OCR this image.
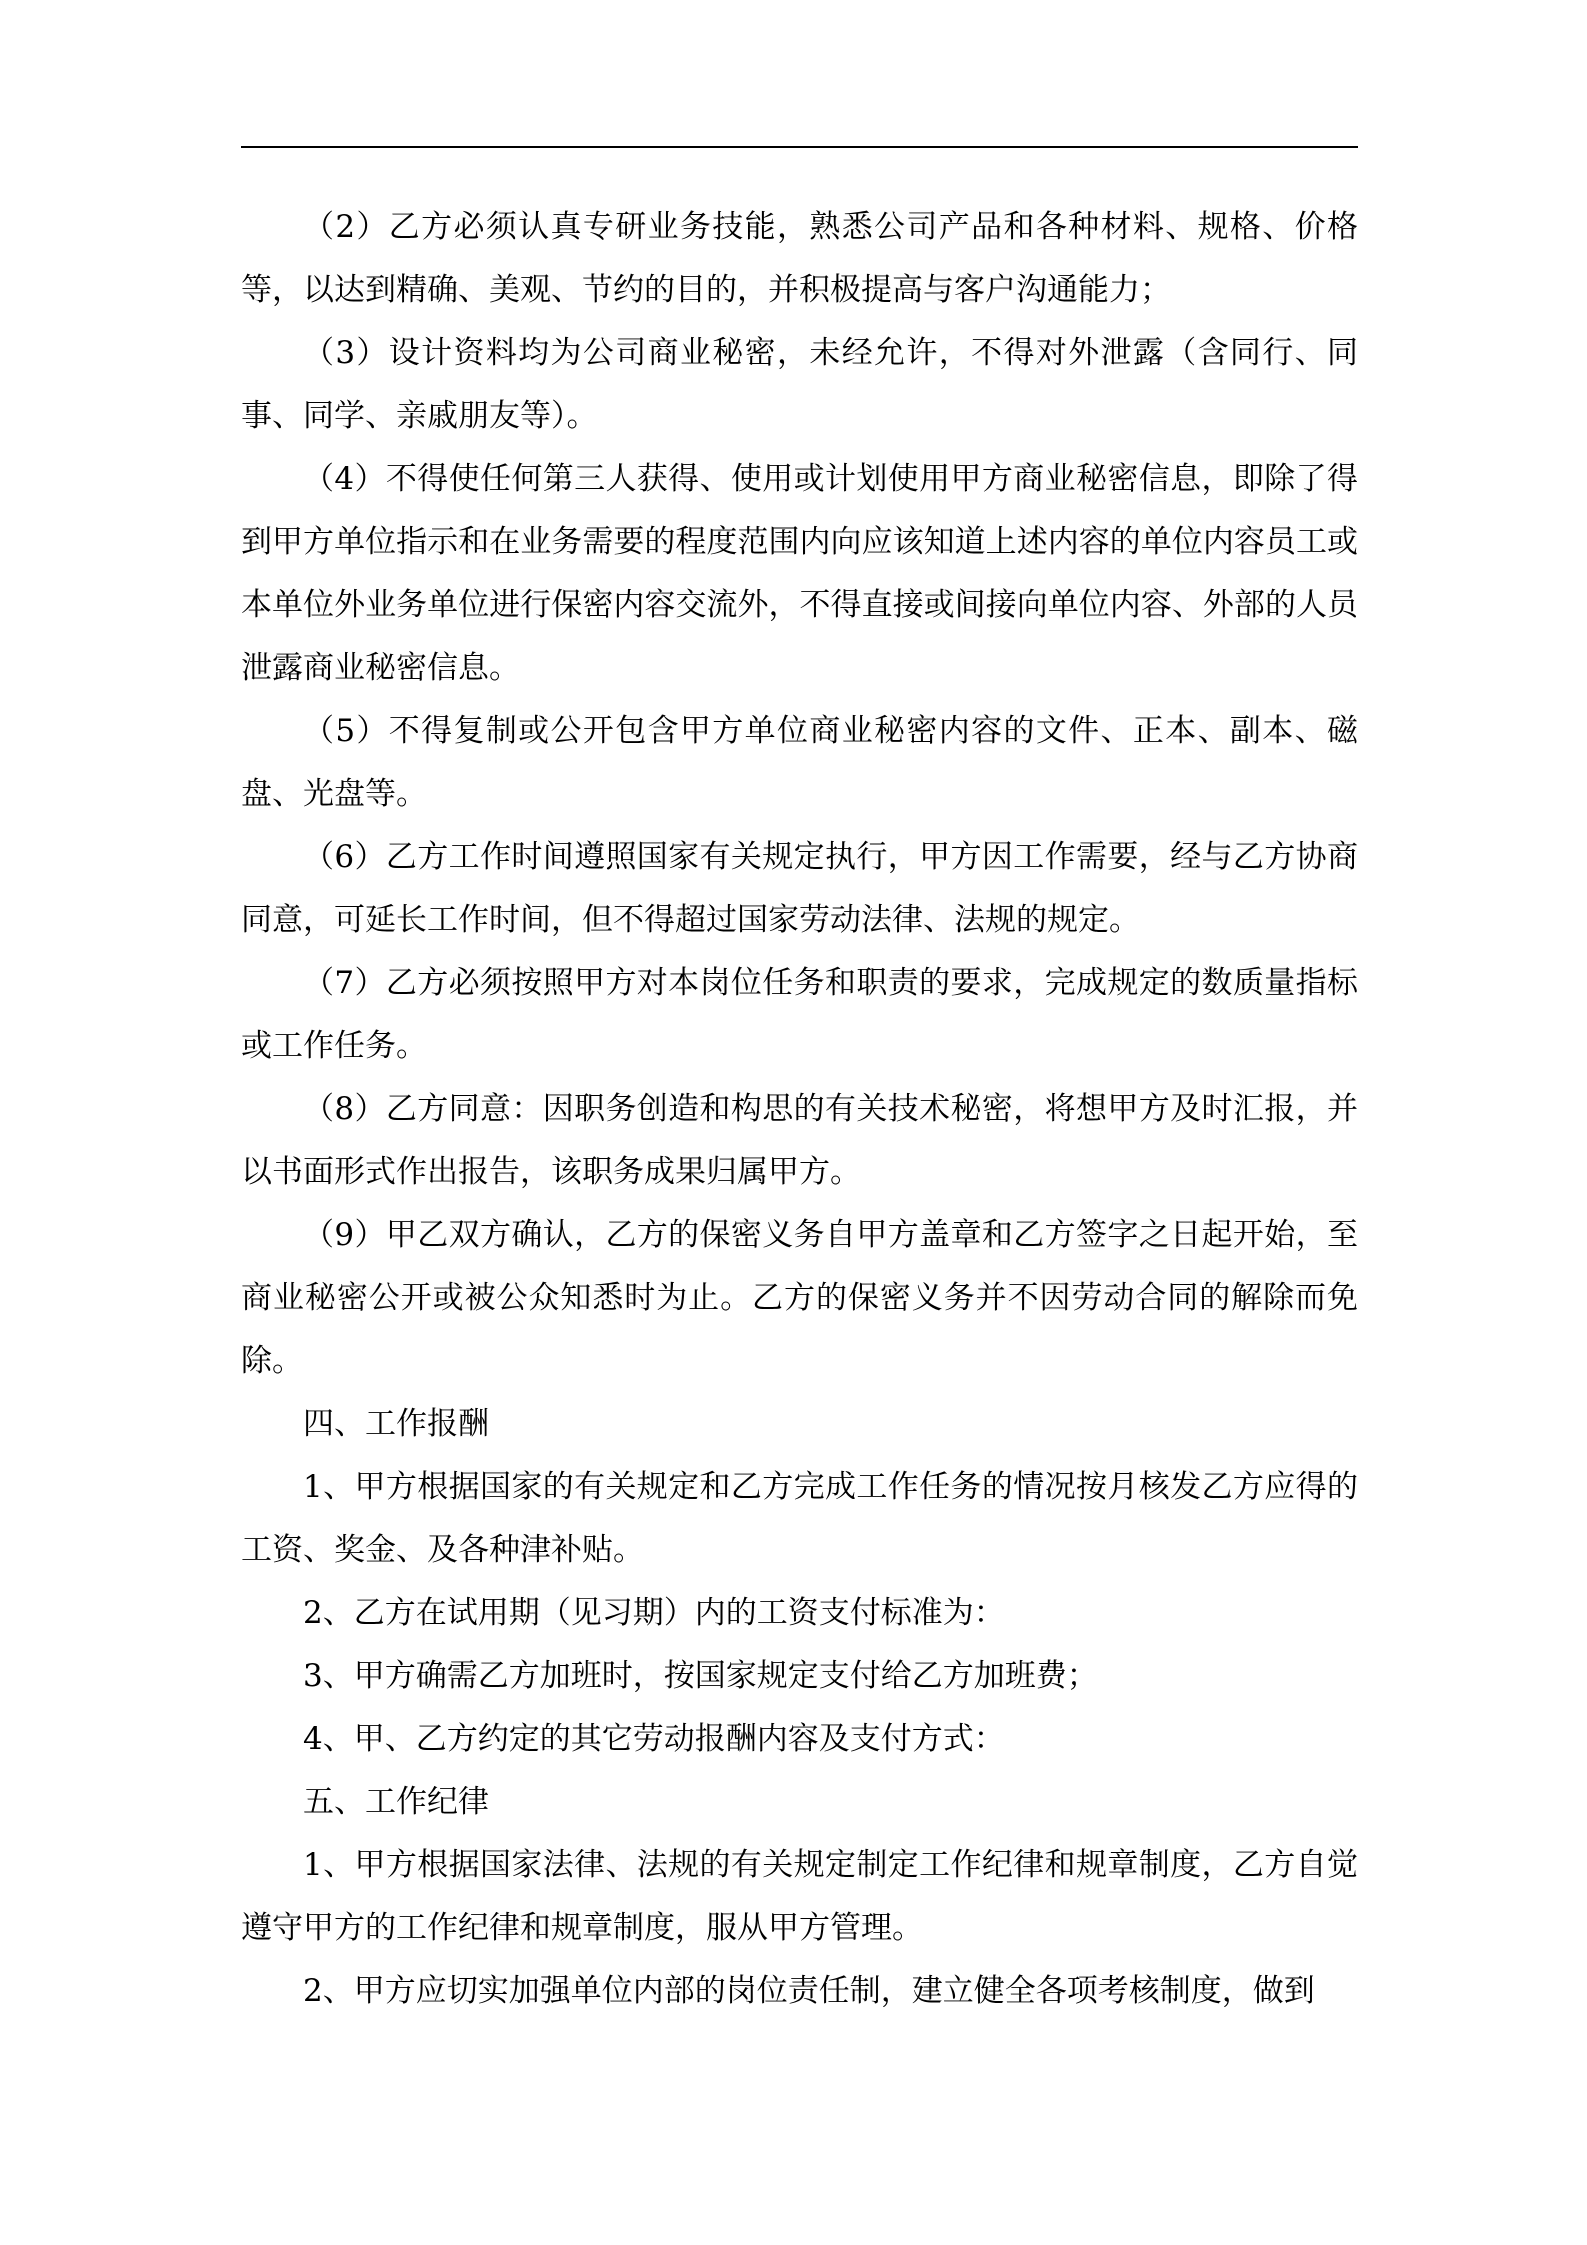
（2）乙方必须认真专研业务技能，熟悉公司产品和各种材料、规格、价格等，以达到精确、美观、节约的目的，并积极提高与客户沟通能力；

（3）设计资料均为公司商业秘密，未经允许，不得对外泄露（含同行、同事、同学、亲戚朋友等）。

（4）不得使任何第三人获得、使用或计划使用甲方商业秘密信息，即除了得到甲方单位指示和在业务需要的程度范围内向应该知道上述内容的单位内容员工或本单位外业务单位进行保密内容交流外，不得直接或间接向单位内容、外部的人员泄露商业秘密信息。

（5）不得复制或公开包含甲方单位商业秘密内容的文件、正本、副本、磁盘、光盘等。

（6）乙方工作时间遵照国家有关规定执行，甲方因工作需要，经与乙方协商同意，可延长工作时间，但不得超过国家劳动法律、法规的规定。

（7）乙方必须按照甲方对本岗位任务和职责的要求，完成规定的数质量指标或工作任务。

（8）乙方同意：因职务创造和构思的有关技术秘密，将想甲方及时汇报，并以书面形式作出报告，该职务成果归属甲方。

（9）甲乙双方确认，乙方的保密义务自甲方盖章和乙方签字之日起开始，至商业秘密公开或被公众知悉时为止。乙方的保密义务并不因劳动合同的解除而免除。

四、工作报酬

1、甲方根据国家的有关规定和乙方完成工作任务的情况按月核发乙方应得的工资、奖金、及各种津补贴。

2、乙方在试用期（见习期）内的工资支付标准为：

3、甲方确需乙方加班时，按国家规定支付给乙方加班费；

4、甲、乙方约定的其它劳动报酬内容及支付方式：

五、工作纪律

1、甲方根据国家法律、法规的有关规定制定工作纪律和规章制度，乙方自觉遵守甲方的工作纪律和规章制度，服从甲方管理。

2、甲方应切实加强单位内部的岗位责任制，建立健全各项考核制度，做到
